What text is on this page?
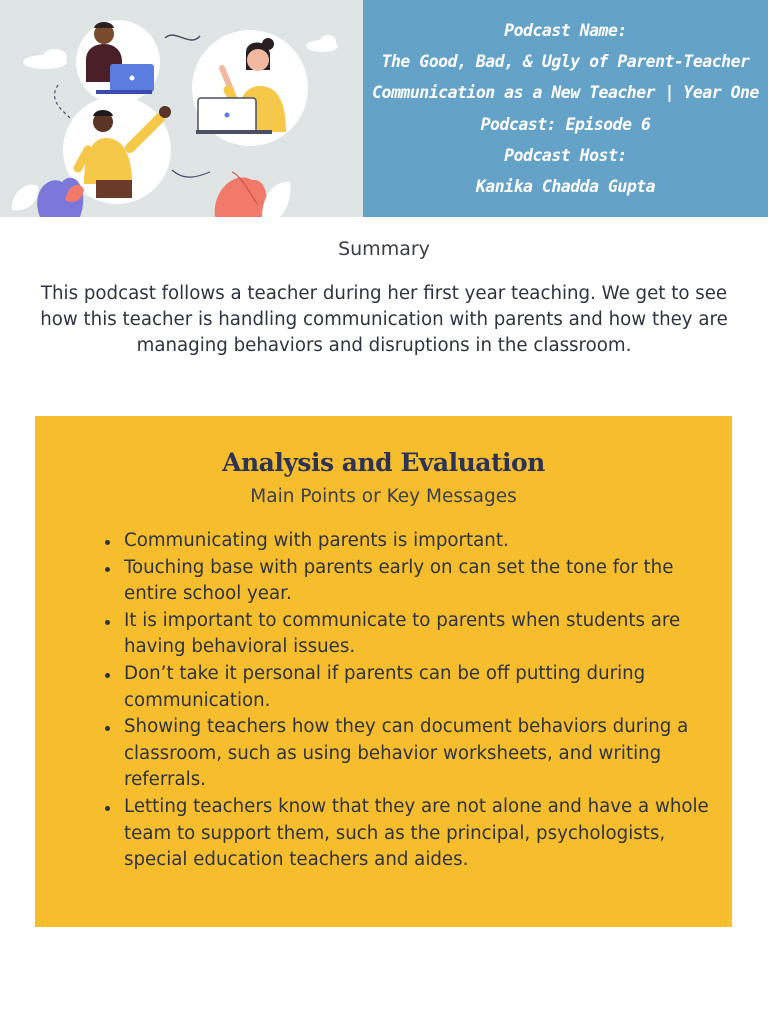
Podcast Name:
The Good, Bad, & Ugly of Parent-Teacher
Communication as a New Teacher | Year One
Podcast: Episode 6
Podcast Host:
Kanika Chadda Gupta
Summary
This podcast follows a teacher during her first year teaching. We get to see how this teacher is handling communication with parents and how they are managing behaviors and disruptions in the classroom.
Analysis and Evaluation
Main Points or Key Messages
Communicating with parents is important.
Touching base with parents early on can set the tone for the entire school year.
It is important to communicate to parents when students are having behavioral issues.
Don’t take it personal if parents can be off putting during communication.
Showing teachers how they can document behaviors during a classroom, such as using behavior worksheets, and writing referrals.
Letting teachers know that they are not alone and have a whole team to support them, such as the principal, psychologists, special education teachers and aides.
